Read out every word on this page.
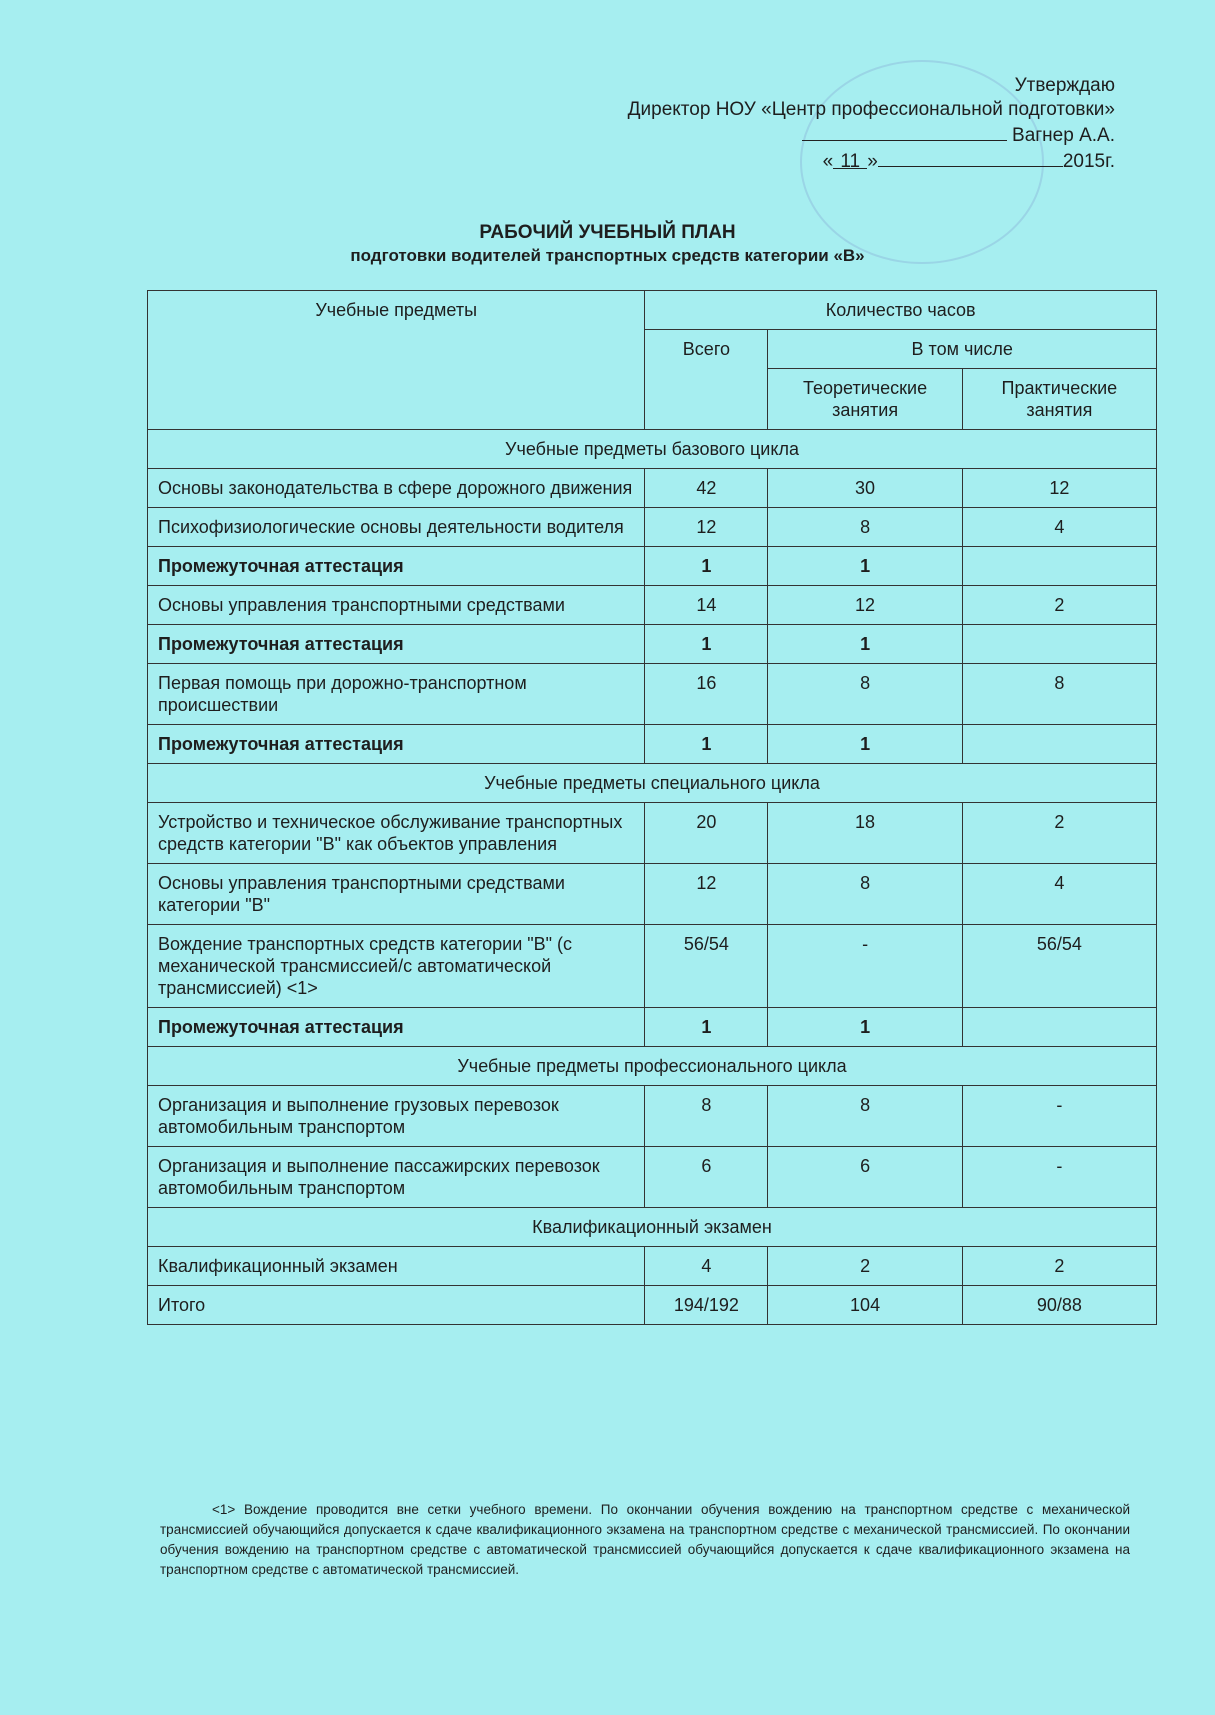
Утверждаю
Директор НОУ «Центр профессиональной подготовки»
Вагнер А.А.
« 11 »	2015г.
РАБОЧИЙ УЧЕБНЫЙ ПЛАН
подготовки водителей транспортных средств категории «В»
Учебные предметы	Количество часов		
	Всего	В том числе	
		Теоретические занятия	Практические занятия
Учебные предметы базового цикла			
Основы законодательства в сфере дорожного движения	42	30	12
Психофизиологические основы деятельности водителя	12	8	4
Промежуточная аттестация	1	1	
Основы управления транспортными средствами	14	12	2
Промежуточная аттестация	1	1	
Первая помощь при дорожно-транспортном происшествии	16	8	8
Промежуточная аттестация	1	1	
Учебные предметы специального цикла			
Устройство и техническое обслуживание транспортных средств категории "В" как объектов управления	20	18	2
Основы управления транспортными средствами категории "В"	12	8	4
Вождение транспортных средств категории "В" (с механической трансмиссией/с автоматической трансмиссией) <1>	56/54	-	56/54
Промежуточная аттестация	1	1	
Учебные предметы профессионального цикла			
Организация и выполнение грузовых перевозок автомобильным транспортом	8	8	-
Организация и выполнение пассажирских перевозок автомобильным транспортом	6	6	-
Квалификационный экзамен			
Квалификационный экзамен	4	2	2
Итого	194/192	104	90/88
<1> Вождение проводится вне сетки учебного времени. По окончании обучения вождению на транспортном средстве с механической трансмиссией обучающийся допускается к сдаче квалификационного экзамена на транспортном средстве с механической трансмиссией. По окончании обучения вождению на транспортном средстве с автоматической трансмиссией обучающийся допускается к сдаче квалификационного экзамена на транспортном средстве с автоматической трансмиссией.
